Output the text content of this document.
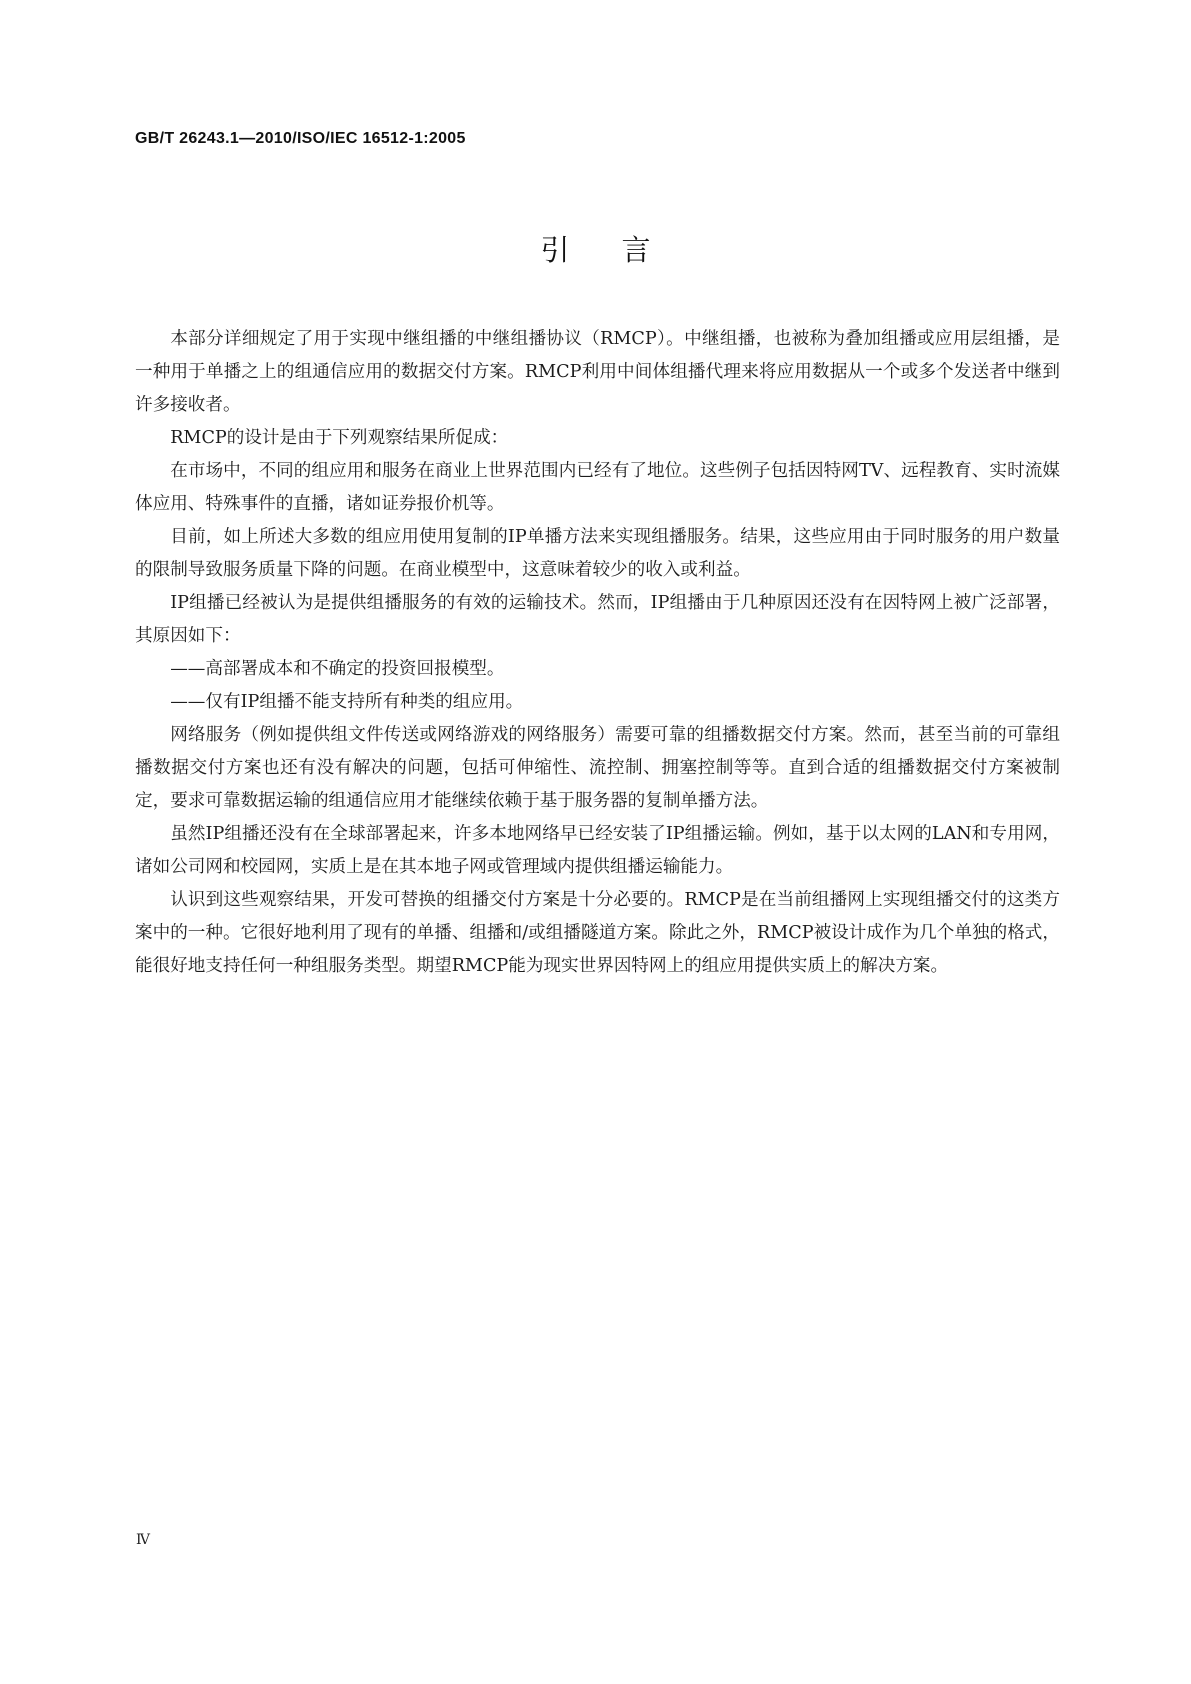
GB/T 26243.1—2010/ISO/IEC 16512-1:2005
引言

本部分详细规定了用于实现中继组播的中继组播协议（RMCP）。中继组播，也被称为叠加组播或应用层组播，是一种用于单播之上的组通信应用的数据交付方案。RMCP利用中间体组播代理来将应用数据从一个或多个发送者中继到许多接收者。

RMCP的设计是由于下列观察结果所促成：

在市场中，不同的组应用和服务在商业上世界范围内已经有了地位。这些例子包括因特网TV、远程教育、实时流媒体应用、特殊事件的直播，诸如证券报价机等。

目前，如上所述大多数的组应用使用复制的IP单播方法来实现组播服务。结果，这些应用由于同时服务的用户数量的限制导致服务质量下降的问题。在商业模型中，这意味着较少的收入或利益。

IP组播已经被认为是提供组播服务的有效的运输技术。然而，IP组播由于几种原因还没有在因特网上被广泛部署，其原因如下：

——高部署成本和不确定的投资回报模型。

——仅有IP组播不能支持所有种类的组应用。

网络服务（例如提供组文件传送或网络游戏的网络服务）需要可靠的组播数据交付方案。然而，甚至当前的可靠组播数据交付方案也还有没有解决的问题，包括可伸缩性、流控制、拥塞控制等等。直到合适的组播数据交付方案被制定，要求可靠数据运输的组通信应用才能继续依赖于基于服务器的复制单播方法。

虽然IP组播还没有在全球部署起来，许多本地网络早已经安装了IP组播运输。例如，基于以太网的LAN和专用网，诸如公司网和校园网，实质上是在其本地子网或管理域内提供组播运输能力。

认识到这些观察结果，开发可替换的组播交付方案是十分必要的。RMCP是在当前组播网上实现组播交付的这类方案中的一种。它很好地利用了现有的单播、组播和/或组播隧道方案。除此之外，RMCP被设计成作为几个单独的格式，能很好地支持任何一种组服务类型。期望RMCP能为现实世界因特网上的组应用提供实质上的解决方案。

Ⅳ
